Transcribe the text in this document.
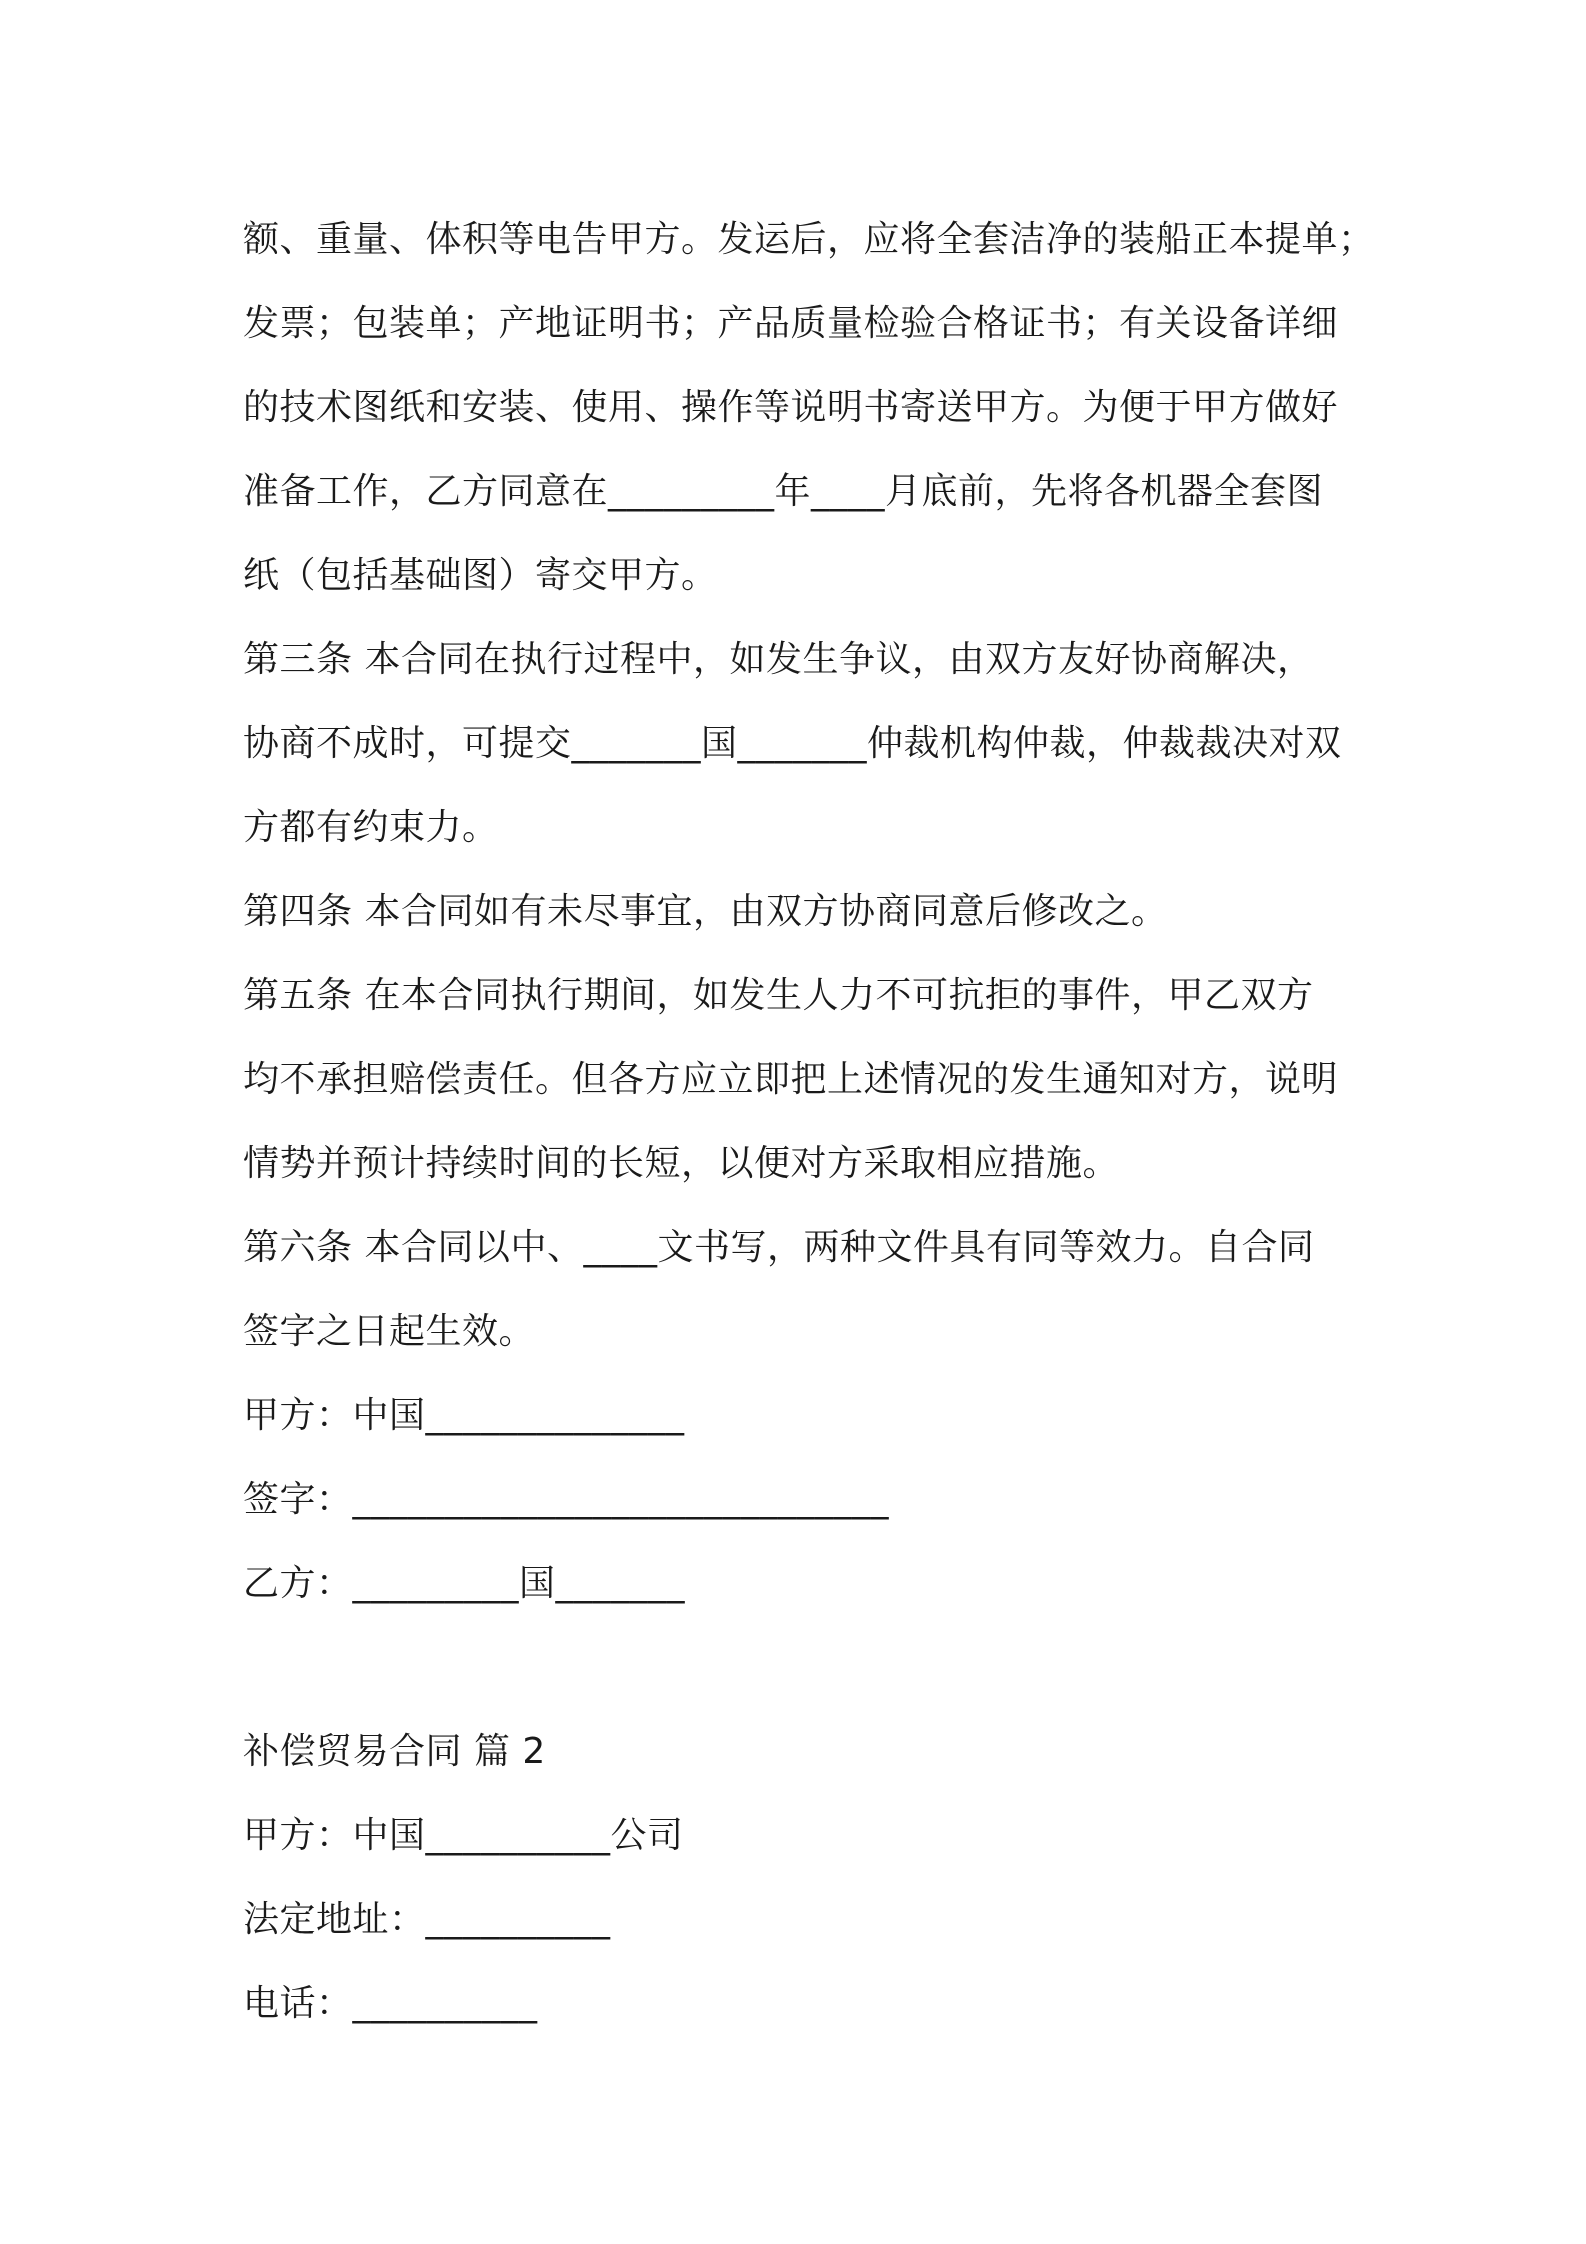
额、重量、体积等电告甲方。发运后，应将全套洁净的装船正本提单；
发票；包装单；产地证明书；产品质量检验合格证书；有关设备详细
的技术图纸和安装、使用、操作等说明书寄送甲方。为便于甲方做好
准备工作，乙方同意在_________年____月底前，先将各机器全套图
纸（包括基础图）寄交甲方。
第三条 本合同在执行过程中，如发生争议，由双方友好协商解决，
协商不成时，可提交_______国_______仲裁机构仲裁，仲裁裁决对双
方都有约束力。
第四条 本合同如有未尽事宜，由双方协商同意后修改之。
第五条 在本合同执行期间，如发生人力不可抗拒的事件，甲乙双方
均不承担赔偿责任。但各方应立即把上述情况的发生通知对方，说明
情势并预计持续时间的长短，以便对方采取相应措施。
第六条 本合同以中、____文书写，两种文件具有同等效力。自合同
签字之日起生效。
甲方：中国______________
签字：_____________________________
乙方：_________国_______
补偿贸易合同 篇 2
甲方：中国__________公司
法定地址：__________
电话：__________
